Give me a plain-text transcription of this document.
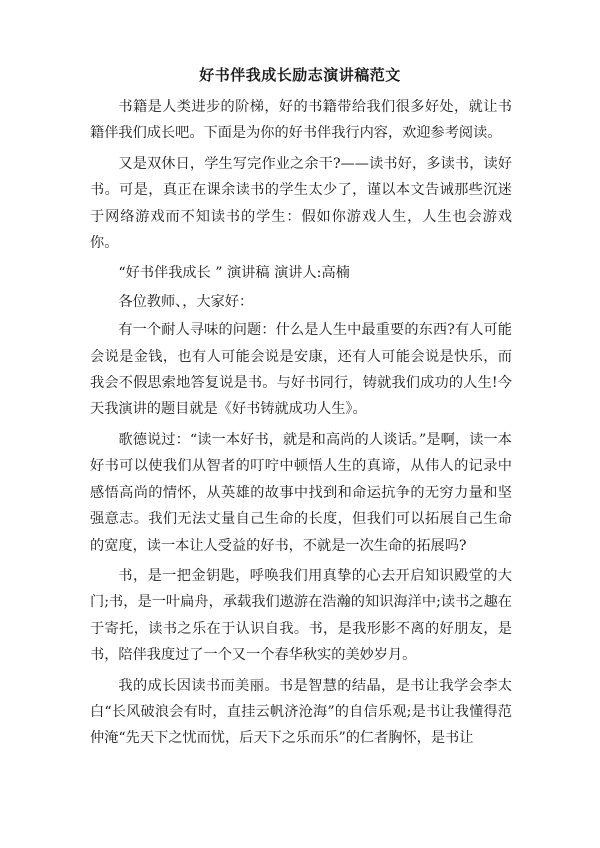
好书伴我成长励志演讲稿范文

书籍是人类进步的阶梯，好的书籍带给我们很多好处，就让书籍伴我们成长吧。下面是为你的好书伴我行内容，欢迎参考阅读。

又是双休日，学生写完作业之余干?——读书好，多读书，读好书。可是，真正在课余读书的学生太少了，谨以本文告诫那些沉迷于网络游戏而不知读书的学生：假如你游戏人生，人生也会游戏你。

“好书伴我成长 ” 演讲稿 演讲人:高楠

各位教师、，大家好：

有一个耐人寻味的问题：什么是人生中最重要的东西?有人可能会说是金钱，也有人可能会说是安康，还有人可能会说是快乐，而我会不假思索地答复说是书。与好书同行，铸就我们成功的人生!今天我演讲的题目就是《好书铸就成功人生》。

歌德说过：“读一本好书，就是和高尚的人谈话。”是啊，读一本好书可以使我们从智者的叮咛中顿悟人生的真谛，从伟人的记录中感悟高尚的情怀，从英雄的故事中找到和命运抗争的无穷力量和坚强意志。我们无法丈量自己生命的长度，但我们可以拓展自己生命的宽度，读一本让人受益的好书，不就是一次生命的拓展吗?

书，是一把金钥匙，呼唤我们用真挚的心去开启知识殿堂的大门;书，是一叶扁舟，承载我们遨游在浩瀚的知识海洋中;读书之趣在于寄托，读书之乐在于认识自我。书，是我形影不离的好朋友，是书，陪伴我度过了一个又一个春华秋实的美妙岁月。

我的成长因读书而美丽。书是智慧的结晶，是书让我学会李太白“长风破浪会有时，直挂云帆济沧海”的自信乐观;是书让我懂得范仲淹“先天下之忧而忧，后天下之乐而乐”的仁者胸怀，是书让
